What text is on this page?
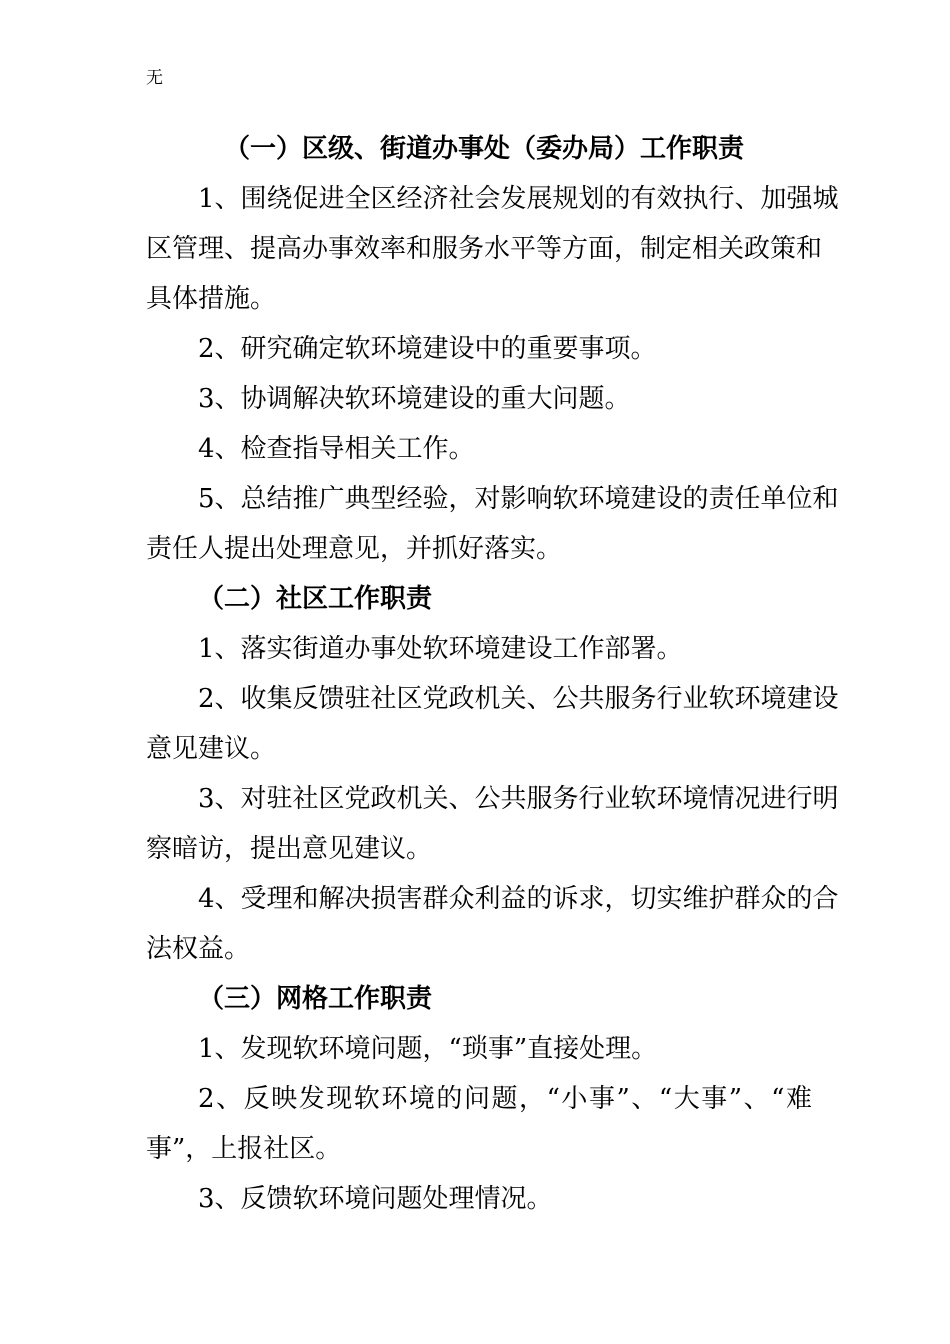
无
（一）区级、街道办事处（委办局）工作职责
1、围绕促进全区经济社会发展规划的有效执行、加强城
区管理、提高办事效率和服务水平等方面，制定相关政策和
具体措施。
2、研究确定软环境建设中的重要事项。
3、协调解决软环境建设的重大问题。
4、检查指导相关工作。
5、总结推广典型经验，对影响软环境建设的责任单位和
责任人提出处理意见，并抓好落实。
（二）社区工作职责
1、落实街道办事处软环境建设工作部署。
2、收集反馈驻社区党政机关、公共服务行业软环境建设
意见建议。
3、对驻社区党政机关、公共服务行业软环境情况进行明
察暗访，提出意见建议。
4、受理和解决损害群众利益的诉求，切实维护群众的合
法权益。
（三）网格工作职责
1、发现软环境问题，“琐事”直接处理。
2、反映发现软环境的问题，“小事”、“大事”、“难
事”，上报社区。
3、反馈软环境问题处理情况。
